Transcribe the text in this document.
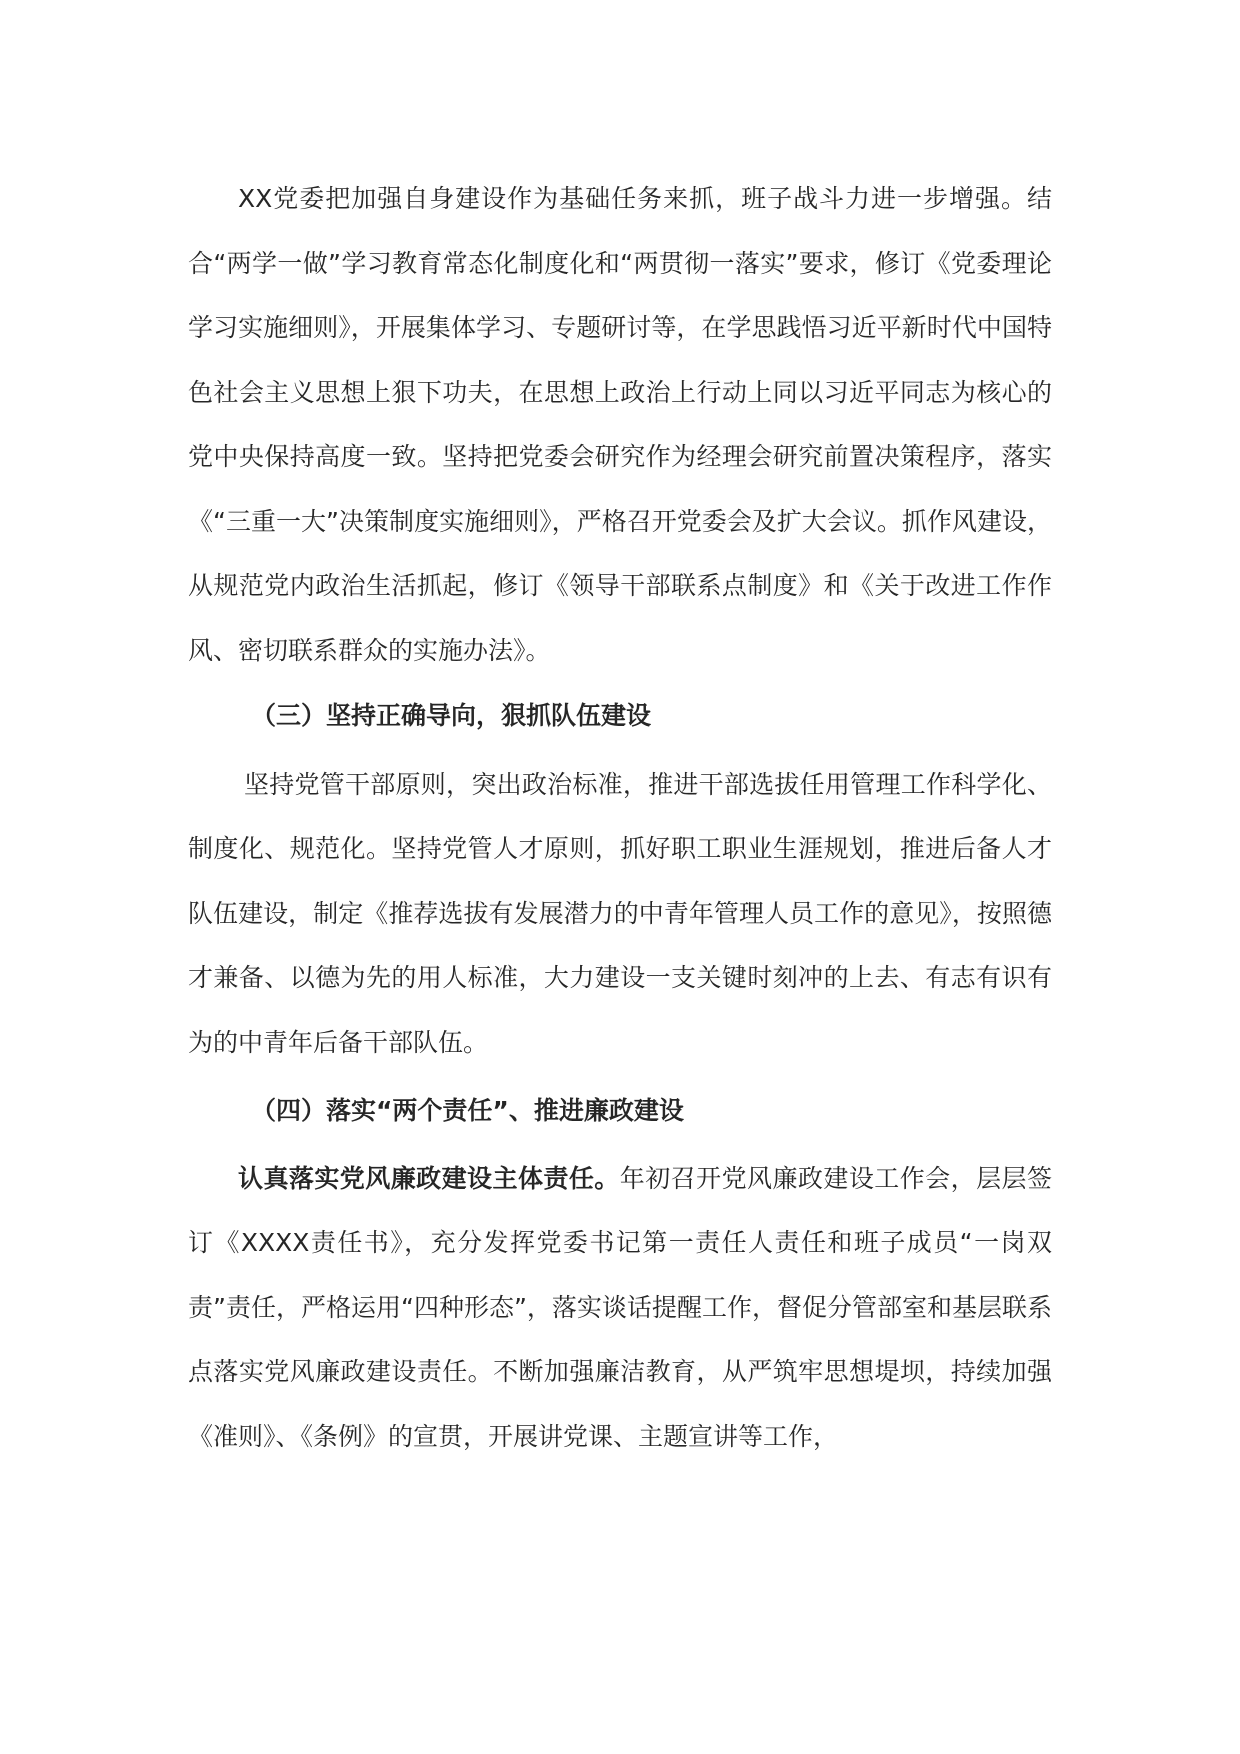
XX党委把加强自身建设作为基础任务来抓，班子战斗力进一步增强。结合“两学一做”学习教育常态化制度化和“两贯彻一落实”要求，修订《党委理论学习实施细则》，开展集体学习、专题研讨等，在学思践悟习近平新时代中国特色社会主义思想上狠下功夫，在思想上政治上行动上同以习近平同志为核心的党中央保持高度一致。坚持把党委会研究作为经理会研究前置决策程序，落实《“三重一大”决策制度实施细则》，严格召开党委会及扩大会议。抓作风建设，从规范党内政治生活抓起，修订《领导干部联系点制度》和《关于改进工作作风、密切联系群众的实施办法》。

（三）坚持正确导向，狠抓队伍建设

坚持党管干部原则，突出政治标准，推进干部选拔任用管理工作科学化、制度化、规范化。坚持党管人才原则，抓好职工职业生涯规划，推进后备人才队伍建设，制定《推荐选拔有发展潜力的中青年管理人员工作的意见》，按照德才兼备、以德为先的用人标准，大力建设一支关键时刻冲的上去、有志有识有为的中青年后备干部队伍。

（四）落实“两个责任”、推进廉政建设

认真落实党风廉政建设主体责任。年初召开党风廉政建设工作会，层层签订《XXXX责任书》，充分发挥党委书记第一责任人责任和班子成员“一岗双责”责任，严格运用“四种形态”，落实谈话提醒工作，督促分管部室和基层联系点落实党风廉政建设责任。不断加强廉洁教育，从严筑牢思想堤坝，持续加强《准则》、《条例》的宣贯，开展讲党课、主题宣讲等工作，
